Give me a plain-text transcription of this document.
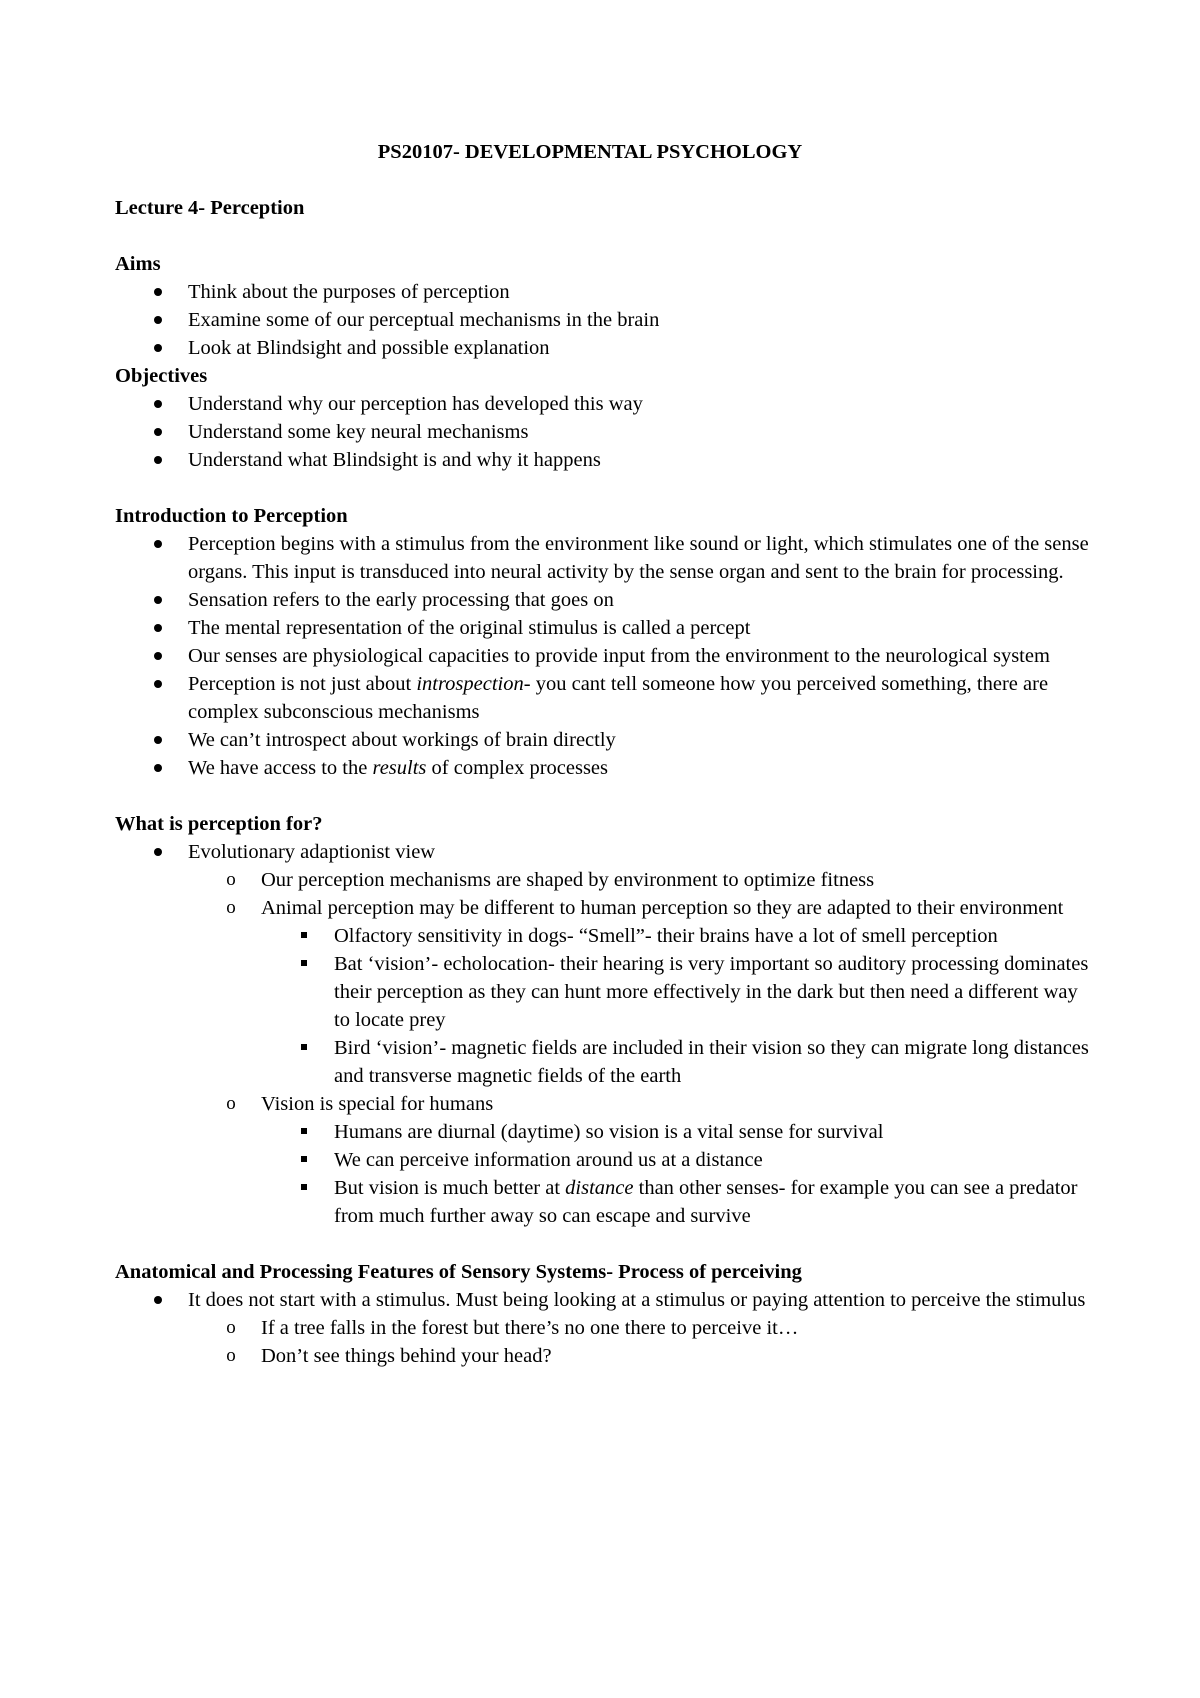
PS20107- DEVELOPMENTAL PSYCHOLOGY

Lecture 4- Perception

Aims

Think about the purposes of perception
Examine some of our perceptual mechanisms in the brain
Look at Blindsight and possible explanation

Objectives

Understand why our perception has developed this way
Understand some key neural mechanisms
Understand what Blindsight is and why it happens

Introduction to Perception

Perception begins with a stimulus from the environment like sound or light, which stimulates one of the sense organs. This input is transduced into neural activity by the sense organ and sent to the brain for processing.
Sensation refers to the early processing that goes on
The mental representation of the original stimulus is called a percept
Our senses are physiological capacities to provide input from the environment to the neurological system
Perception is not just about introspection- you cant tell someone how you perceived something, there are complex subconscious mechanisms
We can’t introspect about workings of brain directly
We have access to the results of complex processes

What is perception for?

Evolutionary adaptionist view
o Our perception mechanisms are shaped by environment to optimize fitness
o Animal perception may be different to human perception so they are adapted to their environment
Olfactory sensitivity in dogs- “Smell”- their brains have a lot of smell perception
Bat ‘vision’- echolocation- their hearing is very important so auditory processing dominates their perception as they can hunt more effectively in the dark but then need a different way to locate prey
Bird ‘vision’- magnetic fields are included in their vision so they can migrate long distances and transverse magnetic fields of the earth
o Vision is special for humans
Humans are diurnal (daytime) so vision is a vital sense for survival
We can perceive information around us at a distance
But vision is much better at distance than other senses- for example you can see a predator from much further away so can escape and survive

Anatomical and Processing Features of Sensory Systems- Process of perceiving

It does not start with a stimulus. Must being looking at a stimulus or paying attention to perceive the stimulus
o If a tree falls in the forest but there’s no one there to perceive it…
o Don’t see things behind your head?
